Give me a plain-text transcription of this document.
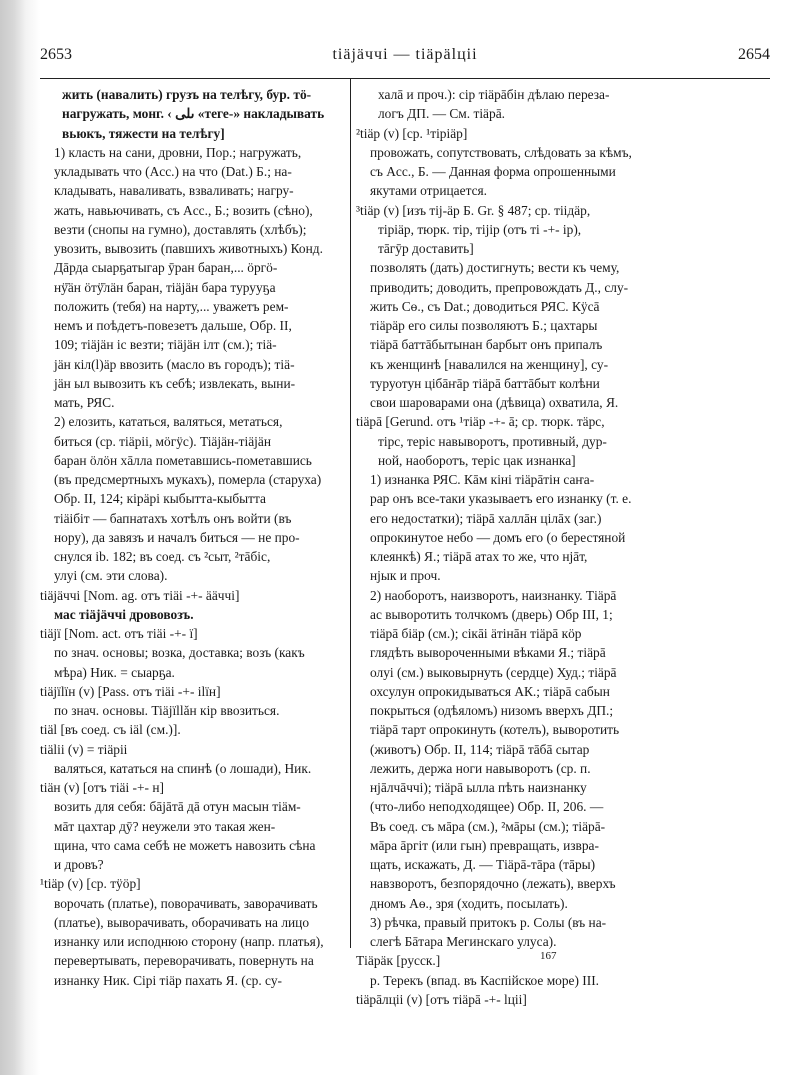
2653	tiäjäччi — tiäpälцii	2654
жить (навалить) грузъ на телѣгу, бур. тӧ-
нагружать, монг. ‹ ٮلى «теге-» накладывать
вьюкъ, тяжести на телѣгу]
1) класть на сани, дровни, Пор.; нагружать,
укладывать что (Acc.) на что (Dat.) Б.; на-
кладывать, наваливать, взваливать; нагру-
жать, навьючивать, съ Acc., Б.; возить (сѣно),
везти (снопы на гумно), доставлять (хлѣбъ);
увозить, вывозить (павшихъ животныхъ) Конд.
Дāрда сыарҕатыгар ӯран баран,... ӧргӧ-
нӱ̄ӓн ӧтӱ̄лӓн баран, тiäjäн бара турууҕа
положить (тебя) на нарту,... уважетъ рем-
немъ и поѣдетъ-повезетъ дальше, Обр. II,
109; тiäjäн iс везти; тiäjäн iлт (см.); тiä-
jäн кiл(l)äр ввозить (масло въ городъ); тiä-
jäн ыл вывозить къ себѣ; извлекать, выни-
мать, РЯС.
2) елозить, кататься, валяться, метаться,
биться (ср. тiäpii, мӧгӱс). Tiäjäн-тiäjäн
баран ӧлӧн хāлла пометавшись-пометавшись
(въ предсмертныхъ мукахъ), померла (старуха)
Обр. II, 124; кiрäрi кыбытта-кыбытта
тiäiбiт — бапнатахъ хотѣлъ онъ войти (въ
нору), да завязъ и началъ биться — не про-
снулся ib. 182; въ соед. съ ²сыт, ²тāбiс,
улуi (см. эти слова).
tiäjäччi [Nom. ag. отъ тiäi -+- ääччi]
мас тiäjäччi дрововозъ.
tiäjï [Nom. act. отъ тiäi -+- ї]
по знач. основы; возка, доставка; возъ (какъ
мѣра) Ник. = сыарҕа.
tiäjïlïн (v) [Pass. отъ тiäi -+- ilïн]
по знач. основы. Tiäjïllăн кiр ввозиться.
tiäl [въ соед. съ iäl (см.)].
tiälii (v) = тiäpii
валяться, кататься на спинѣ (о лошади), Ник.
tiäн (v) [отъ тiäi -+- н]
возить для себя: бājāтā дā отун масын тiäм-
мāт цахтар дӯ? неужели это такая жен-
щина, что сама себѣ не можетъ навозить сѣна
и дровъ?
¹tiäр (v) [ср. тӱӧр]
ворочать (платье), поворачивать, заворачивать
(платье), выворачивать, оборачивать на лицо
изнанку или исподнюю сторону (напр. платья),
перевертывать, переворачивать, повернуть на
изнанку Ник. Cipi тiäр пахать Я. (ср. су-
халā и проч.): сiр тiäрāбiн дѣлаю переза-
логъ ДП. — См. тiäрā.
²tiäр (v) [ср. ¹тiрiäр]
провожать, сопутствовать, слѣдовать за кѣмъ,
съ Acc., Б. — Данная форма опрошенными
якутами отрицается.
³tiäр (v) [изъ тij-äр Б. Gr. § 487; ср. тiiдäр,
тiрiäр, тюрк. тiр, тiјiр (отъ тi -+- iр),
тāгӯр доставить]
позволять (дать) достигнуть; вести къ чему,
приводить; доводить, препровождать Д., слу-
жить Сө., съ Dat.; доводиться РЯС. Кӱсā
тiäрäр его силы позволяютъ Б.; цахтары
тiäрā баттāбытынан барбыт онъ припалъ
къ женщинѣ [навалился на женщину], су-
туруотун цiбāҥāр тiäрā баттāбыт колѣни
свои шароварами она (дѣвица) охватила, Я.
tiäрā [Gerund. отъ ¹тiäр -+- ā; ср. тюрк. тäрс,
тiрс, терiс навыворотъ, противный, дур-
ной, наоборотъ, терiс цак изнанка]
1) изнанка РЯС. Кāм кiнi тiäрāтiн саҥа-
рар онъ все-таки указываетъ его изнанку (т. е.
его недостатки); тiäрā халлāн цiлāх (заг.)
опрокинутое небо — домъ его (о берестяной
клеянкѣ) Я.; тiäрā атах то же, что нjāт,
нjык и проч.
2) наоборотъ, наизворотъ, наизнанку. Тiäрā
ас выворотить толчкомъ (дверь) Обр III, 1;
тiäрā бiäр (см.); сiкāi äтiнāн тiäрā кӧр
глядѣть вывороченными вѣками Я.; тiäрā
олуi (см.) выковырнуть (сердце) Худ.; тiäрā
охсулун опрокидываться АК.; тiäрā сабын
покрыться (одѣяломъ) низомъ вверхъ ДП.;
тiäрā тарт опрокинуть (котелъ), выворотить
(животъ) Обр. II, 114; тiäрā тāбā сытар
лежить, держа ноги навыворотъ (ср. п.
нjāлчāччi); тiäрā ылла пѣть наизнанку
(что-либо неподходящее) Обр. II, 206. —
Въ соед. съ мāра (см.), ²мāры (см.); тiäрā-
мāра āргiт (или гын) превращать, извра-
щать, искажать, Д. — Тiäрā-тāра (тāры)
навзворотъ, безпорядочно (лежать), вверхъ
дномъ Аө., зря (ходить, посылать).
3) рѣчка, правый притокъ р. Солы (въ на-
слегѣ Бāтара Мегинскаго улуса).
Тiäрäк [русск.]
р. Терекъ (впад. въ Каспiйское море) III.
tiäрāлцii (v) [отъ тiäрā -+- lцii]
167
